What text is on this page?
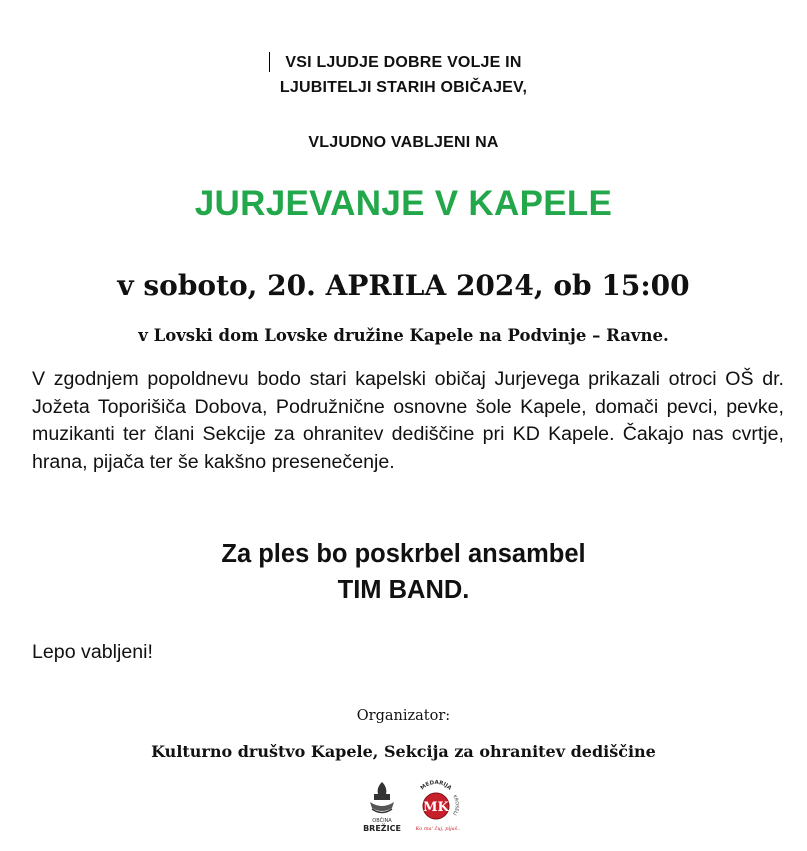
VSI LJUDJE DOBRE VOLJE IN
LJUBITELJI STARIH OBIČAJEV,
VLJUDNO VABLJENI NA
JURJEVANJE V KAPELE
v soboto, 20. APRILA 2024, ob 15:00
v Lovski dom Lovske družine Kapele na Podvinje – Ravne.
V zgodnjem popoldnevu bodo stari kapelski običaj Jurjevega prikazali otroci OŠ dr. Jožeta Toporišiča Dobova, Podružnične osnovne šole Kapele, domači pevci, pevke, muzikanti ter člani Sekcije za ohranitev dediščine pri KD Kapele. Čakajo nas cvrtje, hrana, pijača ter še kakšno presenečenje.
Za ples bo poskrbel ansambel
TIM BAND.
Lepo vabljeni!
Organizator:
Kulturno društvo Kapele, Sekcija za ohranitev dediščine
OBČINA
BREŽICE
MEDARIJA
KROSELJ
MK
Ko ma' čuj, pijaš..
